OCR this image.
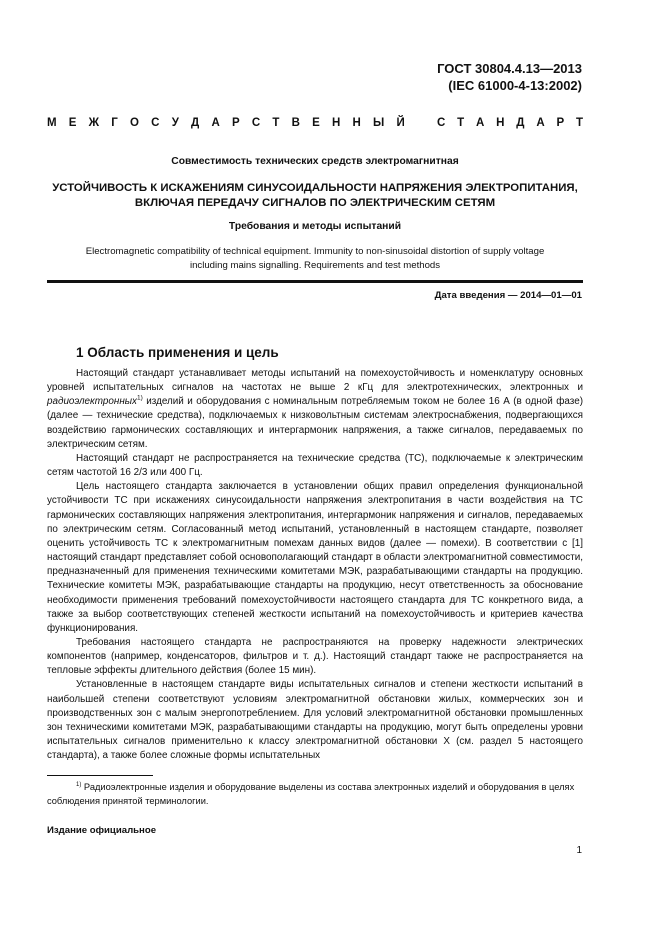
ГОСТ 30804.4.13—2013
(IEC 61000-4-13:2002)
М Е Ж Г О С У Д А Р С Т В Е Н Н Ы Й	С Т А Н Д А Р Т
Совместимость технических средств электромагнитная
УСТОЙЧИВОСТЬ К ИСКАЖЕНИЯМ СИНУСОИДАЛЬНОСТИ НАПРЯЖЕНИЯ ЭЛЕКТРОПИТАНИЯ,
ВКЛЮЧАЯ ПЕРЕДАЧУ СИГНАЛОВ ПО ЭЛЕКТРИЧЕСКИМ СЕТЯМ
Требования и методы испытаний
Electromagnetic compatibility of technical equipment. Immunity to non-sinusoidal distortion of supply voltage
including mains signalling. Requirements and test methods
Дата введения — 2014—01—01
1 Область применения и цель

Настоящий стандарт устанавливает методы испытаний на помехоустойчивость и номенклатуру основных уровней испытательных сигналов на частотах не выше 2 кГц для электротехнических, электронных и радиоэлектронных$^{1)}$ изделий и оборудования с номинальным потребляемым током не более 16 А (в одной фазе) (далее — технические средства), подключаемых к низковольтным системам электроснабжения, подвергающихся воздействию гармонических составляющих и интергармоник напряжения, а также сигналов, передаваемых по электрическим сетям.

Настоящий стандарт не распространяется на технические средства (ТС), подключаемые к электрическим сетям частотой 16 2/3 или 400 Гц.

Цель настоящего стандарта заключается в установлении общих правил определения функциональной устойчивости ТС при искажениях синусоидальности напряжения электропитания в части воздействия на ТС гармонических составляющих напряжения электропитания, интергармоник напряжения и сигналов, передаваемых по электрическим сетям. Согласованный метод испытаний, установленный в настоящем стандарте, позволяет оценить устойчивость ТС к электромагнитным помехам данных видов (далее — помехи). В соответствии с [1] настоящий стандарт представляет собой основополагающий стандарт в области электромагнитной совместимости, предназначенный для применения техническими комитетами МЭК, разрабатывающими стандарты на продукцию. Технические комитеты МЭК, разрабатывающие стандарты на продукцию, несут ответственность за обоснование необходимости применения требований помехоустойчивости настоящего стандарта для ТС конкретного вида, а также за выбор соответствующих степеней жесткости испытаний на помехоустойчивость и критериев качества функционирования.

Требования настоящего стандарта не распространяются на проверку надежности электрических компонентов (например, конденсаторов, фильтров и т. д.). Настоящий стандарт также не распространяется на тепловые эффекты длительного действия (более 15 мин).

Установленные в настоящем стандарте виды испытательных сигналов и степени жесткости испытаний в наибольшей степени соответствуют условиям электромагнитной обстановки жилых, коммерческих зон и производственных зон с малым энергопотреблением. Для условий электромагнитной обстановки промышленных зон техническими комитетами МЭК, разрабатывающими стандарты на продукцию, могут быть определены уровни испытательных сигналов применительно к классу электромагнитной обстановки X (см. раздел 5 настоящего стандарта), а также более сложные формы испытательных

$^{1)}$ Радиоэлектронные изделия и оборудование выделены из состава электронных изделий и оборудования в целях соблюдения принятой терминологии.
Издание официальное
1
